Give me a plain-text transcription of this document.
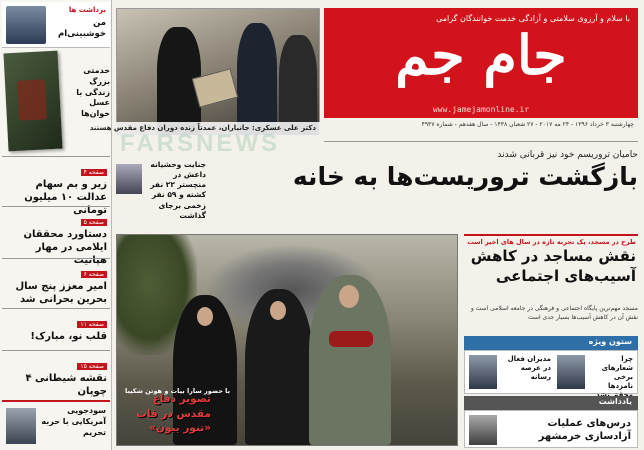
برداشت ها
من خوشبینی‌ام
خدمتی بزرگ زندگی با عسل خوان‌ها
صفحه ۴
زیر و بم سهام عدالت ۱۰ میلیون تومانی
صفحه ۵
دستاورد محققان ایلامی در مهار هپاتیت
صفحه ۶
امیر معزز پنج سال بحرین بحرانی شد
صفحه ۱۱
قلب نو، مبارک!
صفحه ۱۵
نقشه شیطانی ۴ چوپان
سودجویی آمریکایی با حربه تحریم
دکتر علی عسکری: جانباران، عمدتاً زنده دوران دفاع مقدس هستند
با سلام و آرزوی سلامتی و آزادگی خدمت خوانندگان گرامی
جام جم
www.jamejamonline.ir
چهارشنبه ۳ خرداد ۱۳۹۶ - ۲۴ مه ۲۰۱۷ - ۲۷ شعبان ۱۴۳۸ - سال هفدهم - شماره ۴۹۳۷
FARSNEWS	حامیان تروریسم خود نیز قربانی شدند
بازگشت تروریست‌ها به خانه
جنایت وحشیانه داعش در منچستر ۲۲ نفر کشته و ۵۹ نفر زخمی برجای گذاشت
با حضور سارا بیات و هوتن شکیبا
تصویر دفاع مقدس در قاب «تنور یبون»
طرح در مسجد، یک تجربه تازه در سال های اخیر است
نقش مساجد در کاهش آسیب‌های اجتماعی
مسجد مهم‌ترین پایگاه اجتماعی و فرهنگی در جامعه اسلامی است و نقش آن در کاهش آسیب‌ها بسیار جدی است
ستون ویژه
مدیران فعال در عرصه رسانه
چرا شعارهای برخی نامزدها
یادداشت
درس‌های عملیات آزادسازی خرمشهر
